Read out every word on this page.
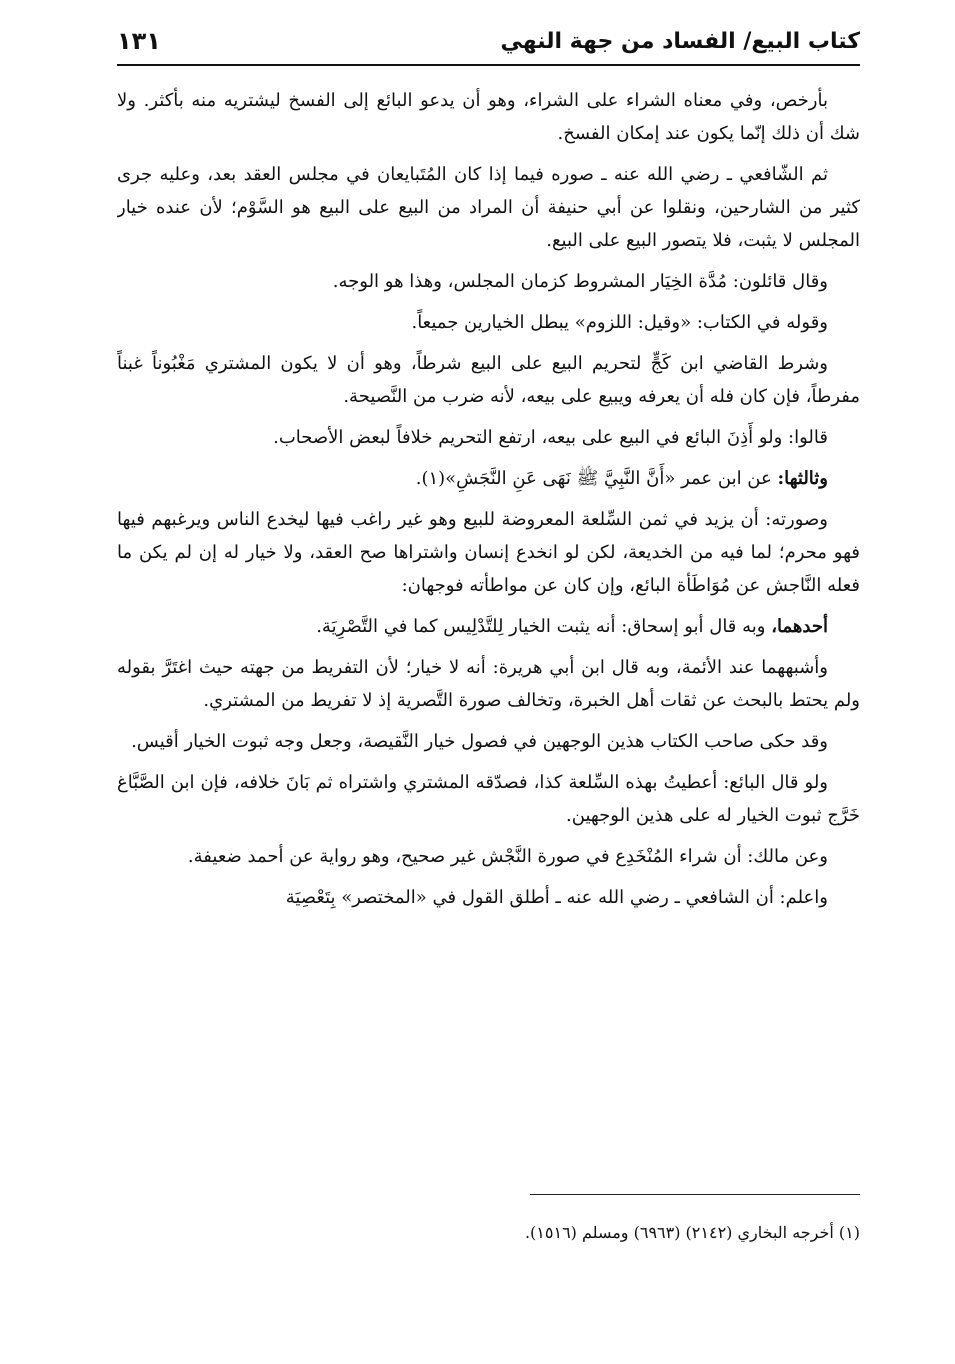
كتاب البيع/ الفساد من جهة النهي
١٣١

بأرخص، وفي معناه الشراء على الشراء، وهو أن يدعو البائع إلى الفسخ ليشتريه منه بأكثر. ولا شك أن ذلك إنّما يكون عند إمكان الفسخ.

ثم الشّافعي ـ رضي الله عنه ـ صوره فيما إذا كان المُتَبايعان في مجلس العقد بعد، وعليه جرى كثير من الشارحين، ونقلوا عن أبي حنيفة أن المراد من البيع على البيع هو السَّوْم؛ لأن عنده خيار المجلس لا يثبت، فلا يتصور البيع على البيع.

وقال قائلون: مُدَّة الخِيَار المشروط كزمان المجلس، وهذا هو الوجه.

وقوله في الكتاب: «وقيل: اللزوم» يبطل الخيارين جميعاً.

وشرط القاضي ابن كَجٍّ لتحريم البيع على البيع شرطاً، وهو أن لا يكون المشتري مَغْبُوناً غبناً مفرطاً، فإن كان فله أن يعرفه ويبيع على بيعه، لأنه ضرب من النَّصيحة.

قالوا: ولو أَذِنَ البائع في البيع على بيعه، ارتفع التحريم خلافاً لبعض الأصحاب.

وثالثها: عن ابن عمر «أَنَّ النَّبِيَّ ﷺ نَهَى عَنِ النَّجَشِ»(١).

وصورته: أن يزيد في ثمن السِّلعة المعروضة للبيع وهو غير راغب فيها ليخدع الناس ويرغبهم فيها فهو محرم؛ لما فيه من الخديعة، لكن لو انخدع إنسان واشتراها صح العقد، ولا خيار له إن لم يكن ما فعله النَّاجش عن مُوَاطَأة البائع، وإن كان عن مواطأته فوجهان:

أحدهما، وبه قال أبو إسحاق: أنه يثبت الخيار لِلتَّدْلِيس كما في التَّصْرِيَة.

وأشبههما عند الأئمة، وبه قال ابن أبي هريرة: أنه لا خيار؛ لأن التفريط من جهته حيث اغتَرَّ بقوله ولم يحتط بالبحث عن ثقات أهل الخبرة، وتخالف صورة التَّصرية إذ لا تفريط من المشتري.

وقد حكى صاحب الكتاب هذين الوجهين في فصول خيار النَّقيصة، وجعل وجه ثبوت الخيار أقيس.

ولو قال البائع: أعطيتُ بهذه السِّلعة كذا، فصدّقه المشتري واشتراه ثم بَانَ خلافه، فإن ابن الصَّبَّاغ خَرَّج ثبوت الخيار له على هذين الوجهين.

وعن مالك: أن شراء المُنْخَدِع في صورة النَّجْش غير صحيح، وهو رواية عن أحمد ضعيفة.

واعلم: أن الشافعي ـ رضي الله عنه ـ أطلق القول في «المختصر» بِتَعْصِيَة

(١) أخرجه البخاري (٢١٤٢) (٦٩٦٣) ومسلم (١٥١٦).
